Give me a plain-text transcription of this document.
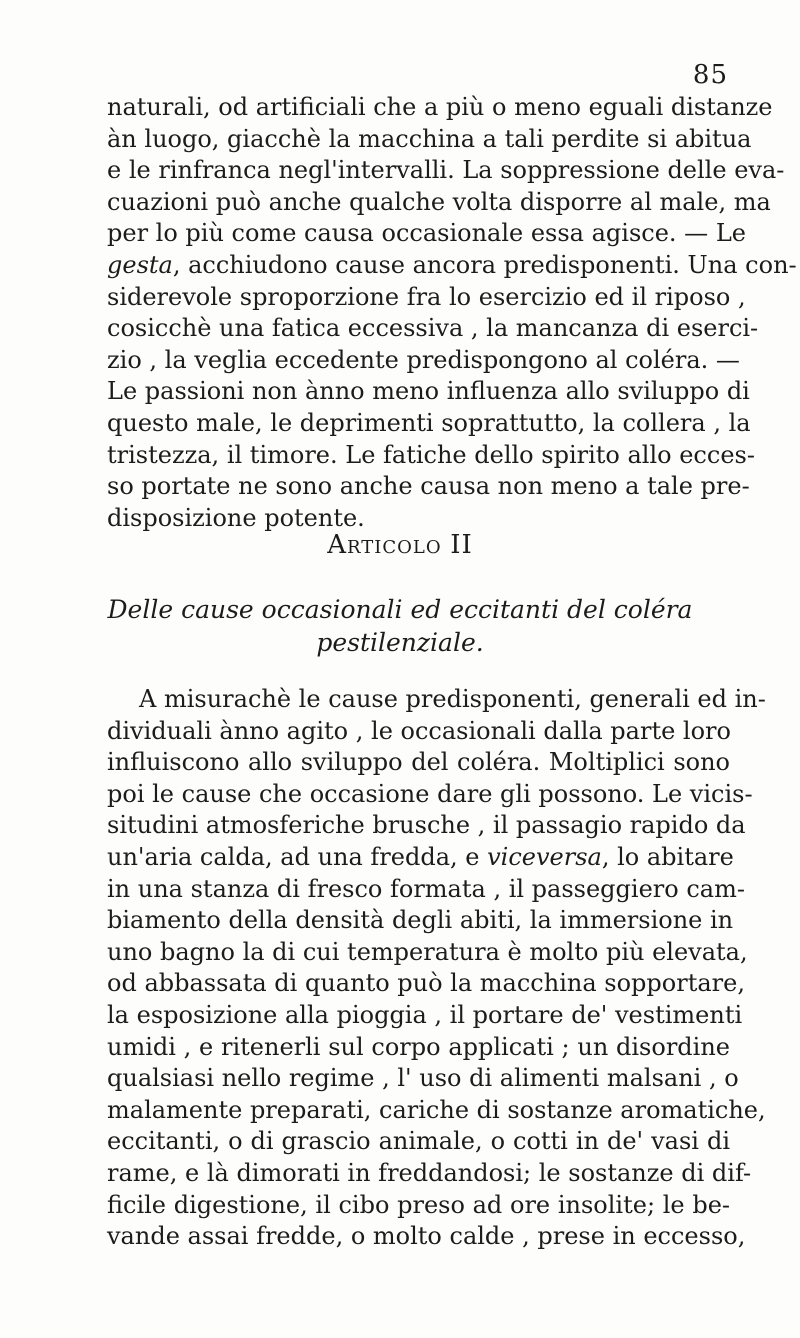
85
naturali, od artificiali che a più o meno eguali distanze
àn luogo, giacchè la macchina a tali perdite si abitua
e le rinfranca negl'intervalli. La soppressione delle eva-
cuazioni può anche qualche volta disporre al male, ma
per lo più come causa occasionale essa agisce. — Le
gesta, acchiudono cause ancora predisponenti. Una con-
siderevole sproporzione fra lo esercizio ed il riposo ,
cosicchè una fatica eccessiva , la mancanza di eserci-
zio , la veglia eccedente predispongono al coléra. —
Le passioni non ànno meno influenza allo sviluppo di
questo male, le deprimenti soprattutto, la collera , la
tristezza, il timore. Le fatiche dello spirito allo ecces-
so portate ne sono anche causa non meno a tale pre-
disposizione potente.
ARTICOLO II
Delle cause occasionali ed eccitanti del coléra
pestilenziale.
A misurachè le cause predisponenti, generali ed in-
dividuali ànno agito , le occasionali dalla parte loro
influiscono allo sviluppo del coléra. Moltiplici sono
poi le cause che occasione dare gli possono. Le vicis-
situdini atmosferiche brusche , il passagio rapido da
un'aria calda, ad una fredda, e viceversa, lo abitare
in una stanza di fresco formata , il passeggiero cam-
biamento della densità degli abiti, la immersione in
uno bagno la di cui temperatura è molto più elevata,
od abbassata di quanto può la macchina sopportare,
la esposizione alla pioggia , il portare de' vestimenti
umidi , e ritenerli sul corpo applicati ; un disordine
qualsiasi nello regime , l' uso di alimenti malsani , o
malamente preparati, cariche di sostanze aromatiche,
eccitanti, o di grascio animale, o cotti in de' vasi di
rame, e là dimorati in freddandosi; le sostanze di dif-
ficile digestione, il cibo preso ad ore insolite; le be-
vande assai fredde, o molto calde , prese in eccesso,
